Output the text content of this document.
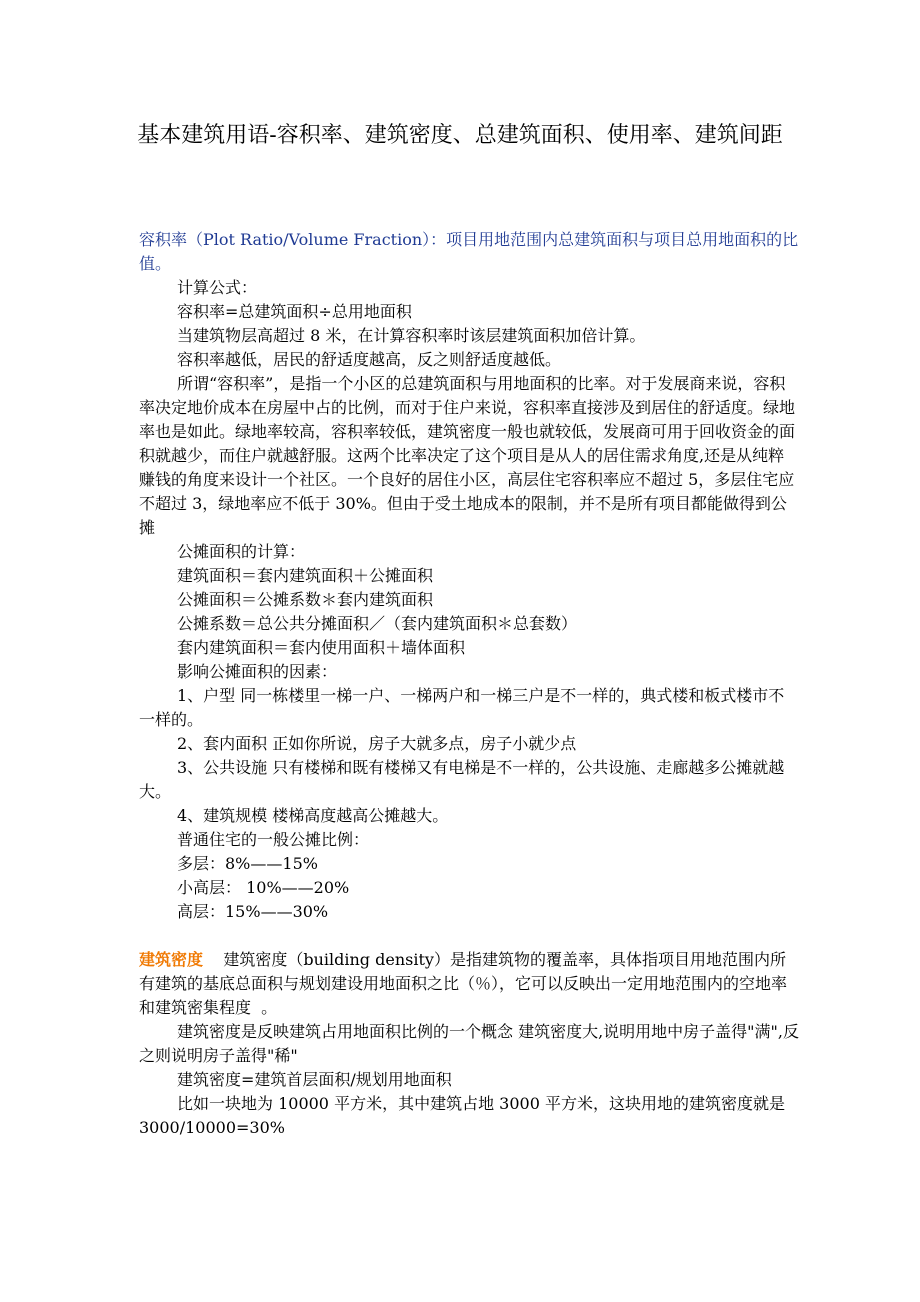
基本建筑用语-容积率、建筑密度、总建筑面积、使用率、建筑间距

容积率（Plot Ratio/Volume Fraction）：项目用地范围内总建筑面积与项目总用地面积的比值。

计算公式：

容积率=总建筑面积÷总用地面积

当建筑物层高超过 8 米，在计算容积率时该层建筑面积加倍计算。

容积率越低，居民的舒适度越高，反之则舒适度越低。

所谓“容积率”，是指一个小区的总建筑面积与用地面积的比率。对于发展商来说，容积率决定地价成本在房屋中占的比例，而对于住户来说，容积率直接涉及到居住的舒适度。绿地率也是如此。绿地率较高，容积率较低，建筑密度一般也就较低，发展商可用于回收资金的面积就越少，而住户就越舒服。这两个比率决定了这个项目是从人的居住需求角度,还是从纯粹赚钱的角度来设计一个社区。一个良好的居住小区，高层住宅容积率应不超过 5，多层住宅应不超过 3，绿地率应不低于 30%。但由于受土地成本的限制，并不是所有项目都能做得到公摊

公摊面积的计算：

建筑面积＝套内建筑面积＋公摊面积

公摊面积＝公摊系数＊套内建筑面积

公摊系数＝总公共分摊面积／（套内建筑面积＊总套数）

套内建筑面积＝套内使用面积＋墙体面积

影响公摊面积的因素：

1、户型 同一栋楼里一梯一户、一梯两户和一梯三户是不一样的，典式楼和板式楼市不一样的。

2、套内面积 正如你所说，房子大就多点，房子小就少点

3、公共设施 只有楼梯和既有楼梯又有电梯是不一样的，公共设施、走廊越多公摊就越大。

4、建筑规模 楼梯高度越高公摊越大。

普通住宅的一般公摊比例：

多层：8%——15%

小高层： 10%——20%

高层：15%——30%

建筑密度    建筑密度（building density）是指建筑物的覆盖率，具体指项目用地范围内所有建筑的基底总面积与规划建设用地面积之比（％），它可以反映出一定用地范围内的空地率和建筑密集程度  。

建筑密度是反映建筑占用地面积比例的一个概念 建筑密度大,说明用地中房子盖得"满",反之则说明房子盖得"稀"

建筑密度=建筑首层面积/规划用地面积

比如一块地为 10000 平方米，其中建筑占地 3000 平方米，这块用地的建筑密度就是 3000/10000=30%
